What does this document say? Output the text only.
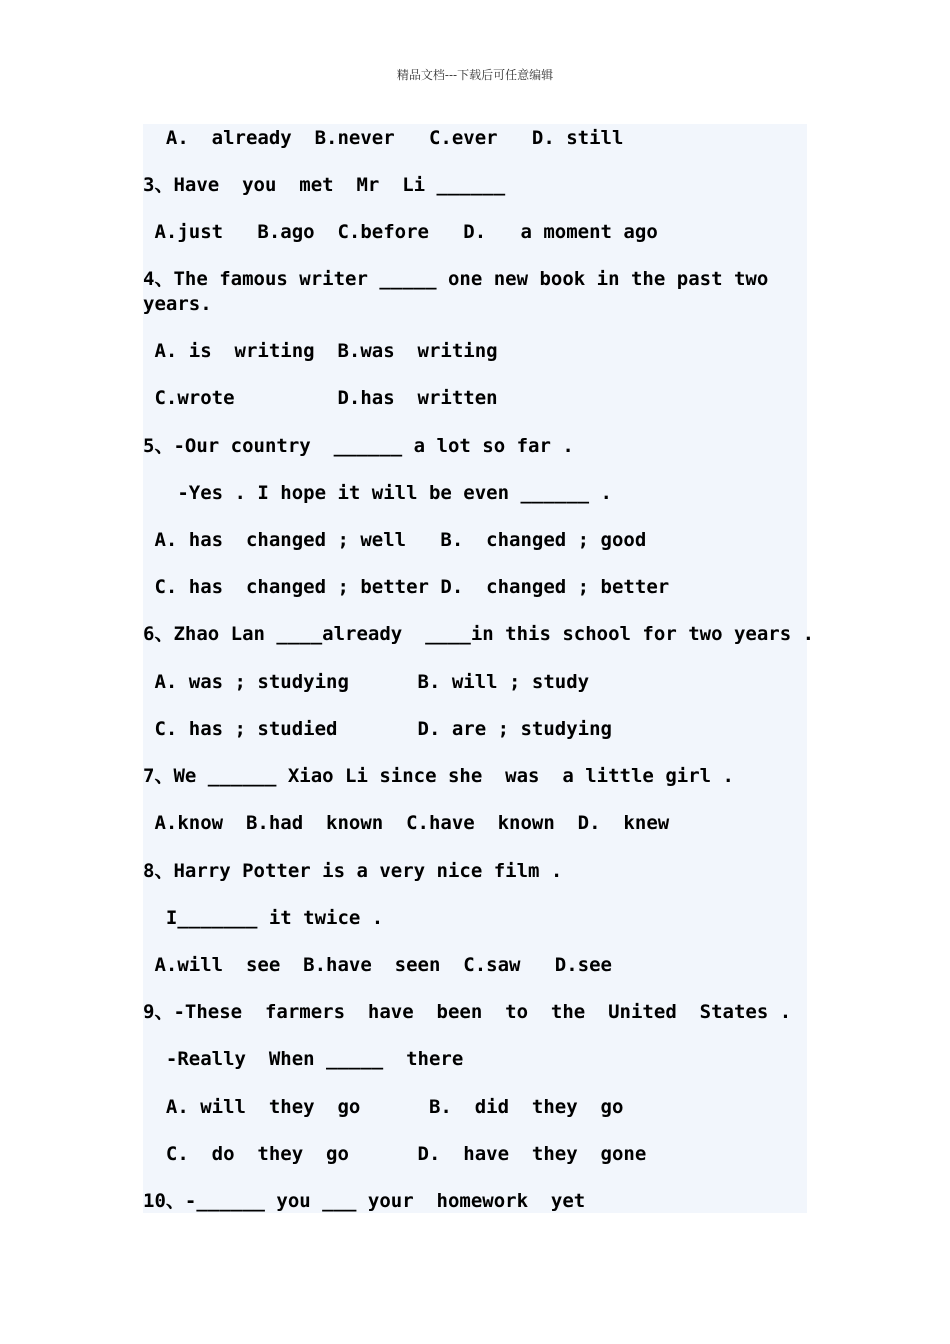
精品文档---下载后可任意编辑
A.  already  B.never   C.ever   D. still
3、Have  you  met  Mr  Li ______
A.just   B.ago  C.before   D.   a moment ago
4、The famous writer _____ one new book in the past two
years.
A. is  writing  B.was  writing
C.wrote         D.has  written
5、-Our country  ______ a lot so far .
-Yes . I hope it will be even ______ .
A. has  changed ; well   B.  changed ; good
C. has  changed ; better D.  changed ; better
6、Zhao Lan ____already  ____in this school for two years .
A. was ; studying      B. will ; study
C. has ; studied       D. are ; studying
7、We ______ Xiao Li since she  was  a little girl .
A.know  B.had  known  C.have  known  D.  knew
8、Harry Potter is a very nice film .
I_______ it twice .
A.will  see  B.have  seen  C.saw   D.see
9、-These  farmers  have  been  to  the  United  States .
-Really  When _____  there
A. will  they  go      B.  did  they  go
C.  do  they  go      D.  have  they  gone
10、-______ you ___ your  homework  yet
